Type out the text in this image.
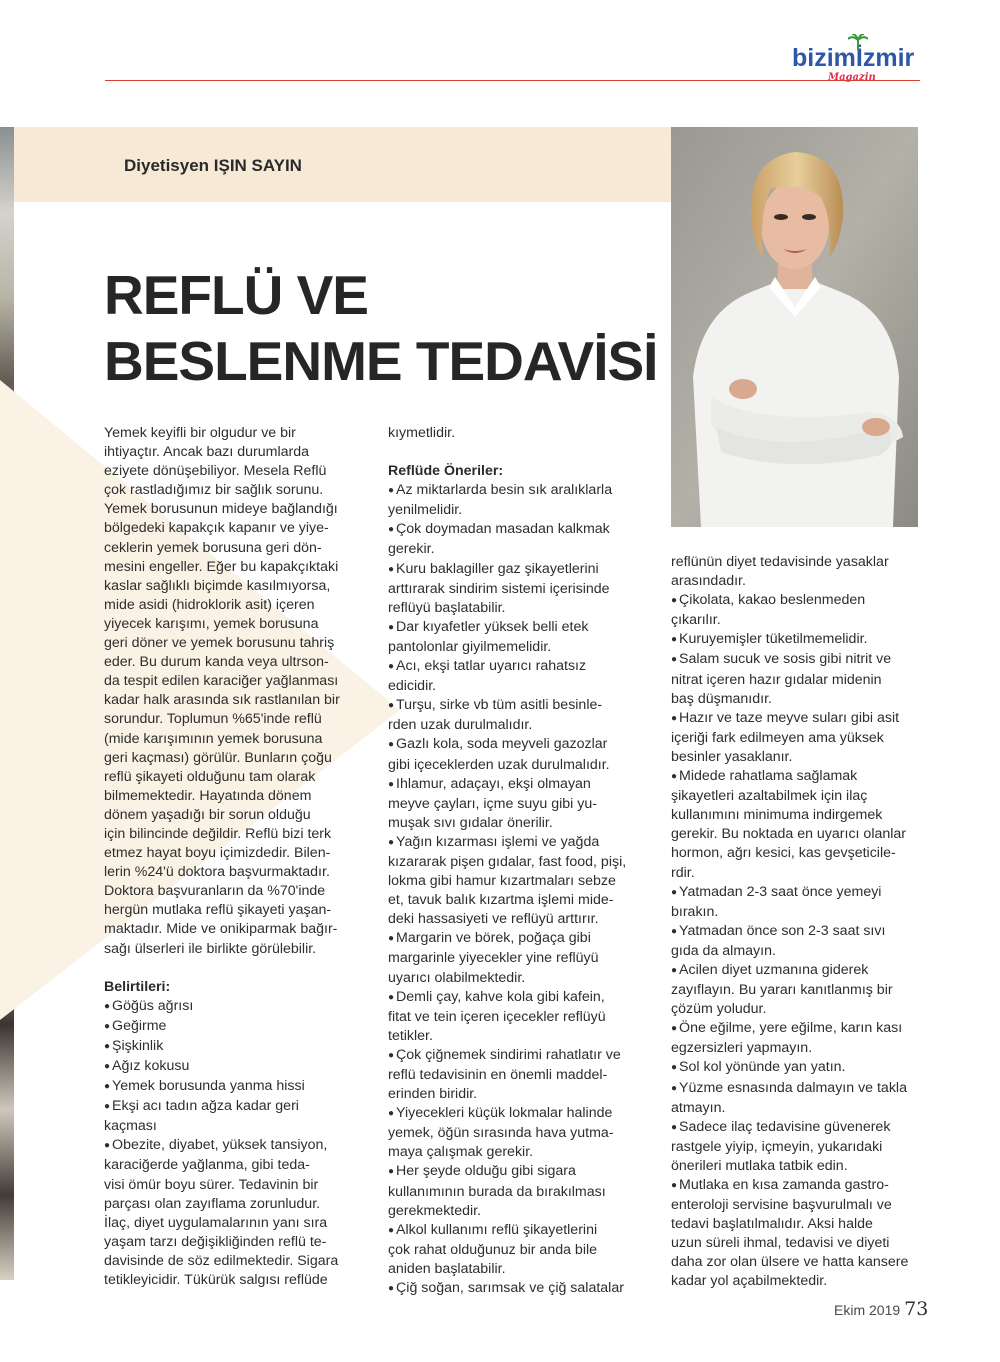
bizimİzmir
Magazin
Diyetisyen IŞIN SAYIN
REFLÜ VE
BESLENME TEDAVİSİ

Yemek keyifli bir olgudur ve bir

ihtiyaçtır. Ancak bazı durumlarda

eziyete dönüşebiliyor. Mesela Reflü

çok rastladığımız bir sağlık sorunu.

Yemek borusunun mideye bağlandığı

bölgedeki kapakçık kapanır ve yiye-

ceklerin yemek borusuna geri dön-

mesini engeller. Eğer bu kapakçıktaki

kaslar sağlıklı biçimde kasılmıyorsa,

mide asidi (hidroklorik asit) içeren

yiyecek karışımı, yemek borusuna

geri döner ve yemek borusunu tahriş

eder. Bu durum kanda veya ultrson-

da tespit edilen karaciğer yağlanması

kadar halk arasında sık rastlanılan bir

sorundur. Toplumun %65'inde reflü

(mide karışımının yemek borusuna

geri kaçması) görülür. Bunların çoğu

reflü şikayeti olduğunu tam olarak

bilmemektedir. Hayatında dönem

dönem yaşadığı bir sorun olduğu

için bilincinde değildir. Reflü bizi terk

etmez hayat boyu içimizdedir. Bilen-

lerin %24'ü doktora başvurmaktadır.

Doktora başvuranların da %70'inde

hergün mutlaka reflü şikayeti yaşan-

maktadır. Mide ve onikiparmak bağır-

sağı ülserleri ile birlikte görülebilir.

Belirtileri:

● Göğüs ağrısı

● Geğirme

● Şişkinlik

● Ağız kokusu

● Yemek borusunda yanma hissi

● Ekşi acı tadın ağza kadar geri

kaçması

● Obezite, diyabet, yüksek tansiyon,

karaciğerde yağlanma, gibi teda-

visi ömür boyu sürer. Tedavinin bir

parçası olan zayıflama zorunludur.

İlaç, diyet uygulamalarının yanı sıra

yaşam tarzı değişikliğinden reflü te-

davisinde de söz edilmektedir. Sigara

tetikleyicidir. Tükürük salgısı reflüde

kıymetlidir.

Reflüde Öneriler:

● Az miktarlarda besin sık aralıklarla

yenilmelidir.

● Çok doymadan masadan kalkmak

gerekir.

● Kuru baklagiller gaz şikayetlerini

arttırarak sindirim sistemi içerisinde

reflüyü başlatabilir.

● Dar kıyafetler yüksek belli etek

pantolonlar giyilmemelidir.

● Acı, ekşi tatlar uyarıcı rahatsız

edicidir.

● Turşu, sirke vb tüm asitli besinle-

rden uzak durulmalıdır.

● Gazlı kola, soda meyveli gazozlar

gibi içeceklerden uzak durulmalıdır.

● Ihlamur, adaçayı, ekşi olmayan

meyve çayları, içme suyu gibi yu-

muşak sıvı gıdalar önerilir.

● Yağın kızarması işlemi ve yağda

kızararak pişen gıdalar, fast food, pişi,

lokma gibi hamur kızartmaları sebze

et, tavuk balık kızartma işlemi mide-

deki hassasiyeti ve reflüyü arttırır.

● Margarin ve börek, poğaça gibi

margarinle yiyecekler yine reflüyü

uyarıcı olabilmektedir.

● Demli çay, kahve kola gibi kafein,

fitat ve tein içeren içecekler reflüyü

tetikler.

● Çok çiğnemek sindirimi rahatlatır ve

reflü tedavisinin en önemli maddel-

erinden biridir.

● Yiyecekleri küçük lokmalar halinde

yemek, öğün sırasında hava yutma-

maya çalışmak gerekir.

● Her şeyde olduğu gibi sigara

kullanımının burada da bırakılması

gerekmektedir.

● Alkol kullanımı reflü şikayetlerini

çok rahat olduğunuz bir anda bile

aniden başlatabilir.

● Çiğ soğan, sarımsak ve çiğ salatalar

reflünün diyet tedavisinde yasaklar

arasındadır.

● Çikolata, kakao beslenmeden

çıkarılır.

● Kuruyemişler tüketilmemelidir.

● Salam sucuk ve sosis gibi nitrit ve

nitrat içeren hazır gıdalar midenin

baş düşmanıdır.

● Hazır ve taze meyve suları gibi asit

içeriği fark edilmeyen ama yüksek

besinler yasaklanır.

● Midede rahatlama sağlamak

şikayetleri azaltabilmek için ilaç

kullanımını minimuma indirgemek

gerekir. Bu noktada en uyarıcı olanlar

hormon, ağrı kesici, kas gevşeticile-

rdir.

● Yatmadan 2-3 saat önce yemeyi

bırakın.

● Yatmadan önce son 2-3 saat sıvı

gıda da almayın.

● Acilen diyet uzmanına giderek

zayıflayın. Bu yararı kanıtlanmış bir

çözüm yoludur.

● Öne eğilme, yere eğilme, karın kası

egzersizleri yapmayın.

● Sol kol yönünde yan yatın.

● Yüzme esnasında dalmayın ve takla

atmayın.

● Sadece ilaç tedavisine güvenerek

rastgele yiyip, içmeyin, yukarıdaki

önerileri mutlaka tatbik edin.

● Mutlaka en kısa zamanda gastro-

enteroloji servisine başvurulmalı ve

tedavi başlatılmalıdır. Aksi halde

uzun süreli ihmal, tedavisi ve diyeti

daha zor olan ülsere ve hatta kansere

kadar yol açabilmektedir.

Ekim 2019 73
